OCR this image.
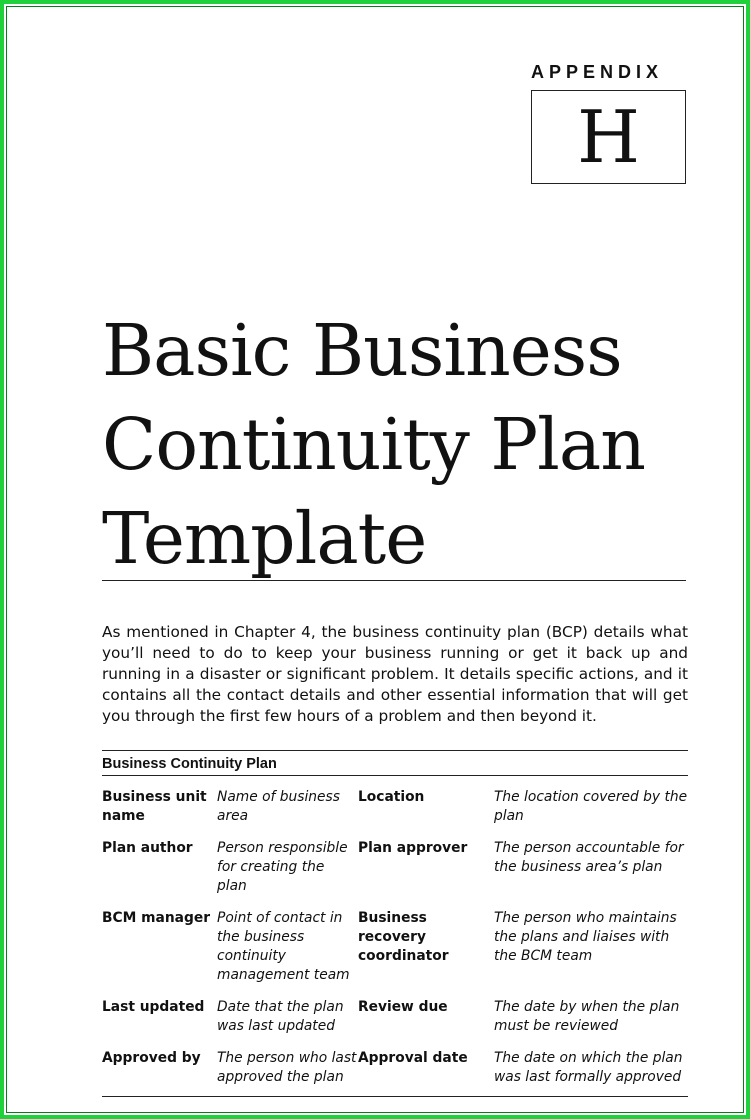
APPENDIX
H
Basic Business
Continuity Plan
Template

As mentioned in Chapter 4, the business continuity plan (BCP) details what you’ll need to do to keep your business running or get it back up and running in a disaster or significant problem. It details specific actions, and it contains all the contact details and other essential information that will get you through the first few hours of a problem and then beyond it.

Business Continuity Plan
Business unit name	Name of business area	Location	The location covered by the plan
Plan author	Person responsible for creating the plan	Plan approver	The person accountable for the business area’s plan
BCM manager	Point of contact in the business continuity management team	Business recovery coordinator	The person who maintains the plans and liaises with the BCM team
Last updated	Date that the plan was last updated	Review due	The date by when the plan must be reviewed
Approved by	The person who last approved the plan	Approval date	The date on which the plan was last formally approved
